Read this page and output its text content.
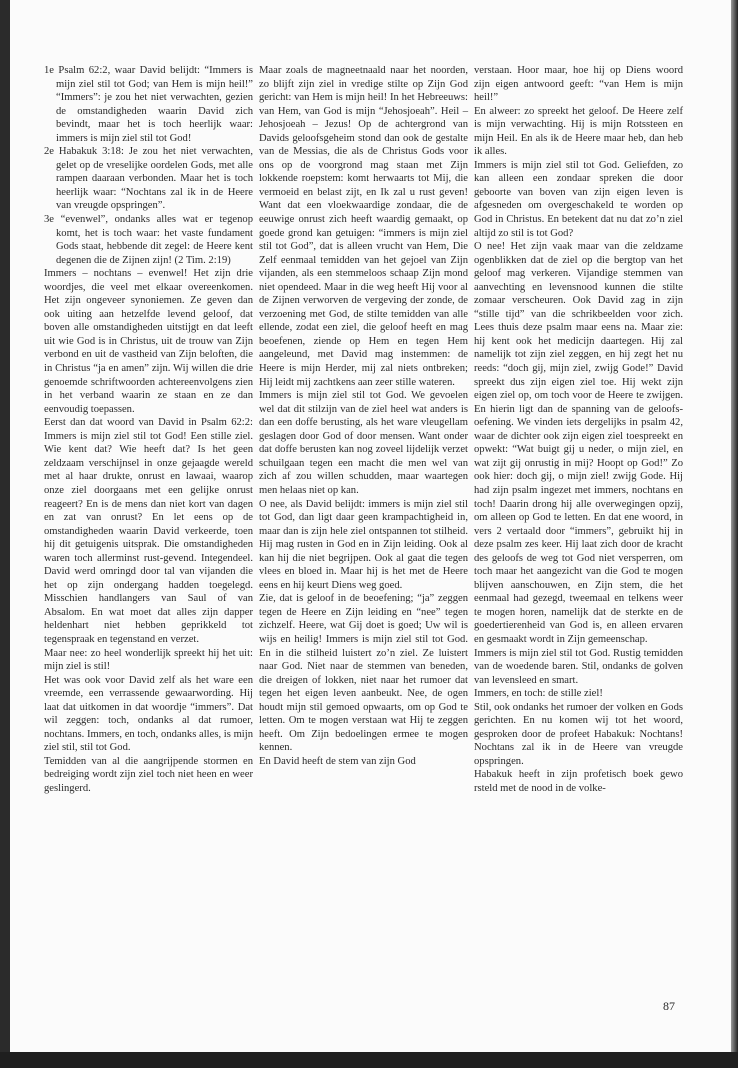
1e Psalm 62:2, waar David belijdt: “Immers is mijn ziel stil tot God; van Hem is mijn heil!” “Immers”: je zou het niet verwachten, gezien de omstandigheden waarin David zich bevindt, maar het is toch heerlijk waar: immers is mijn ziel stil tot God!

2e Habakuk 3:18: Je zou het niet verwachten, gelet op de vreselijke oordelen Gods, met alle rampen daaraan verbonden. Maar het is toch heerlijk waar: “Nochtans zal ik in de Heere van vreugde opspringen”.

3e “evenwel”, ondanks alles wat er tegenop komt, het is toch waar: het vaste fundament Gods staat, hebbende dit zegel: de Heere kent degenen die de Zijnen zijn! (2 Tim. 2:19)

Immers – nochtans – evenwel! Het zijn drie woordjes, die veel met elkaar overeenkomen. Het zijn ongeveer synoniemen. Ze geven dan ook uiting aan hetzelfde levend geloof, dat boven alle omstandigheden uitstijgt en dat leeft uit wie God is in Christus, uit de trouw van Zijn verbond en uit de vastheid van Zijn beloften, die in Christus “ja en amen” zijn. Wij willen die drie genoemde schriftwoorden achtereenvolgens zien in het verband waarin ze staan en ze dan eenvoudig toepassen.

Eerst dan dat woord van David in Psalm 62:2: Immers is mijn ziel stil tot God! Een stille ziel. Wie kent dat? Wie heeft dat? Is het geen zeldzaam verschijnsel in onze gejaagde wereld met al haar drukte, onrust en lawaai, waarop onze ziel doorgaans met een gelijke onrust reageert? En is de mens dan niet kort van dagen en zat van onrust? En let eens op de omstandigheden waarin David verkeerde, toen hij dit getuigenis uitsprak. Die omstandigheden waren toch allerminst rust-gevend. Integendeel. David werd omringd door tal van vijanden die het op zijn ondergang hadden toegelegd. Misschien handlangers van Saul of van Absalom. En wat moet dat alles zijn dapper heldenhart niet hebben geprikkeld tot tegenspraak en tegenstand en verzet.

Maar nee: zo heel wonderlijk spreekt hij het uit: mijn ziel is stil!

Het was ook voor David zelf als het ware een vreemde, een verrassende gewaarwording. Hij laat dat uitkomen in dat woordje “immers”. Dat wil zeggen: toch, ondanks al dat rumoer, nochtans. Immers, en toch, ondanks alles, is mijn ziel stil, stil tot God.

Temidden van al die aangrijpende stormen en bedreiging wordt zijn ziel toch niet heen en weer geslingerd.

Maar zoals de magneetnaald naar het noorden, zo blijft zijn ziel in vredige stilte op Zijn God gericht: van Hem is mijn heil! In het Hebreeuws: van Hem, van God is mijn “Jehosjoeah”. Heil – Jehosjoeah – Jezus! Op de achtergrond van Davids geloofsgeheim stond dan ook de gestalte van de Messias, die als de Christus Gods voor ons op de voorgrond mag staan met Zijn lokkende roepstem: komt herwaarts tot Mij, die vermoeid en belast zijt, en Ik zal u rust geven! Want dat een vloekwaardige zondaar, die de eeuwige onrust zich heeft waardig gemaakt, op goede grond kan getuigen: “immers is mijn ziel stil tot God”, dat is alleen vrucht van Hem, Die Zelf eenmaal temidden van het gejoel van Zijn vijanden, als een stemmeloos schaap Zijn mond niet opendeed. Maar in die weg heeft Hij voor al de Zijnen verworven de vergeving der zonde, de verzoening met God, de stilte temidden van alle ellende, zodat een ziel, die geloof heeft en mag beoefenen, ziende op Hem en tegen Hem aangeleund, met David mag instemmen: de Heere is mijn Herder, mij zal niets ontbreken; Hij leidt mij zachtkens aan zeer stille wateren.

Immers is mijn ziel stil tot God. We gevoelen wel dat dit stilzijn van de ziel heel wat anders is dan een doffe berusting, als het ware vleugellam geslagen door God of door mensen. Want onder dat doffe berusten kan nog zoveel lijdelijk verzet schuilgaan tegen een macht die men wel van zich af zou willen schudden, maar waartegen men helaas niet op kan.

O nee, als David belijdt: immers is mijn ziel stil tot God, dan ligt daar geen krampachtigheid in, maar dan is zijn hele ziel ontspannen tot stilheid. Hij mag rusten in God en in Zijn leiding. Ook al kan hij die niet begrijpen. Ook al gaat die tegen vlees en bloed in. Maar hij is het met de Heere eens en hij keurt Diens weg goed.

Zie, dat is geloof in de beoefening; “ja” zeggen tegen de Heere en Zijn leiding en “nee” tegen zichzelf. Heere, wat Gij doet is goed; Uw wil is wijs en heilig! Immers is mijn ziel stil tot God. En in die stilheid luistert zo’n ziel. Ze luistert naar God. Niet naar de stemmen van beneden, die dreigen of lokken, niet naar het rumoer dat tegen het eigen leven aanbeukt. Nee, de ogen houdt mijn stil gemoed opwaarts, om op God te letten. Om te mogen verstaan wat Hij te zeggen heeft. Om Zijn bedoelingen ermee te mogen kennen.

En David heeft de stem van zijn God

verstaan. Hoor maar, hoe hij op Diens woord zijn eigen antwoord geeft: “van Hem is mijn heil!”

En alweer: zo spreekt het geloof. De Heere zelf is mijn verwachting. Hij is mijn Rotssteen en mijn Heil. En als ik de Heere maar heb, dan heb ik alles.

Immers is mijn ziel stil tot God. Geliefden, zo kan alleen een zondaar spreken die door geboorte van boven van zijn eigen leven is afgesneden om overgeschakeld te worden op God in Christus. En betekent dat nu dat zo’n ziel altijd zo stil is tot God?

O nee! Het zijn vaak maar van die zeldzame ogenblikken dat de ziel op die bergtop van het geloof mag verkeren. Vijandige stemmen van aanvechting en levensnood kunnen die stilte zomaar verscheuren. Ook David zag in zijn “stille tijd” van die schrikbeelden voor zich. Lees thuis deze psalm maar eens na. Maar zie: hij kent ook het medicijn daartegen. Hij zal namelijk tot zijn ziel zeggen, en hij zegt het nu reeds: “doch gij, mijn ziel, zwijg Gode!” David spreekt dus zijn eigen ziel toe. Hij wekt zijn eigen ziel op, om toch voor de Heere te zwijgen. En hierin ligt dan de spanning van de geloofs-oefening. We vinden iets dergelijks in psalm 42, waar de dichter ook zijn eigen ziel toespreekt en opwekt: “Wat buigt gij u neder, o mijn ziel, en wat zijt gij onrustig in mij? Hoopt op God!” Zo ook hier: doch gij, o mijn ziel! zwijg Gode. Hij had zijn psalm ingezet met immers, nochtans en toch! Daarin drong hij alle overwegingen opzij, om alleen op God te letten. En dat ene woord, in vers 2 vertaald door “immers”, gebruikt hij in deze psalm zes keer. Hij laat zich door de kracht des geloofs de weg tot God niet versperren, om toch maar het aangezicht van die God te mogen blijven aanschouwen, en Zijn stem, die het eenmaal had gezegd, tweemaal en telkens weer te mogen horen, namelijk dat de sterkte en de goedertierenheid van God is, en alleen ervaren en gesmaakt wordt in Zijn gemeenschap.

Immers is mijn ziel stil tot God. Rustig temidden van de woedende baren. Stil, ondanks de golven van levensleed en smart.

Immers, en toch: de stille ziel!

Stil, ook ondanks het rumoer der volken en Gods gerichten. En nu komen wij tot het woord, gesproken door de profeet Habakuk: Nochtans! Nochtans zal ik in de Heere van vreugde opspringen.

Habakuk heeft in zijn profetisch boek gewo rsteld met de nood in de volke-

87
